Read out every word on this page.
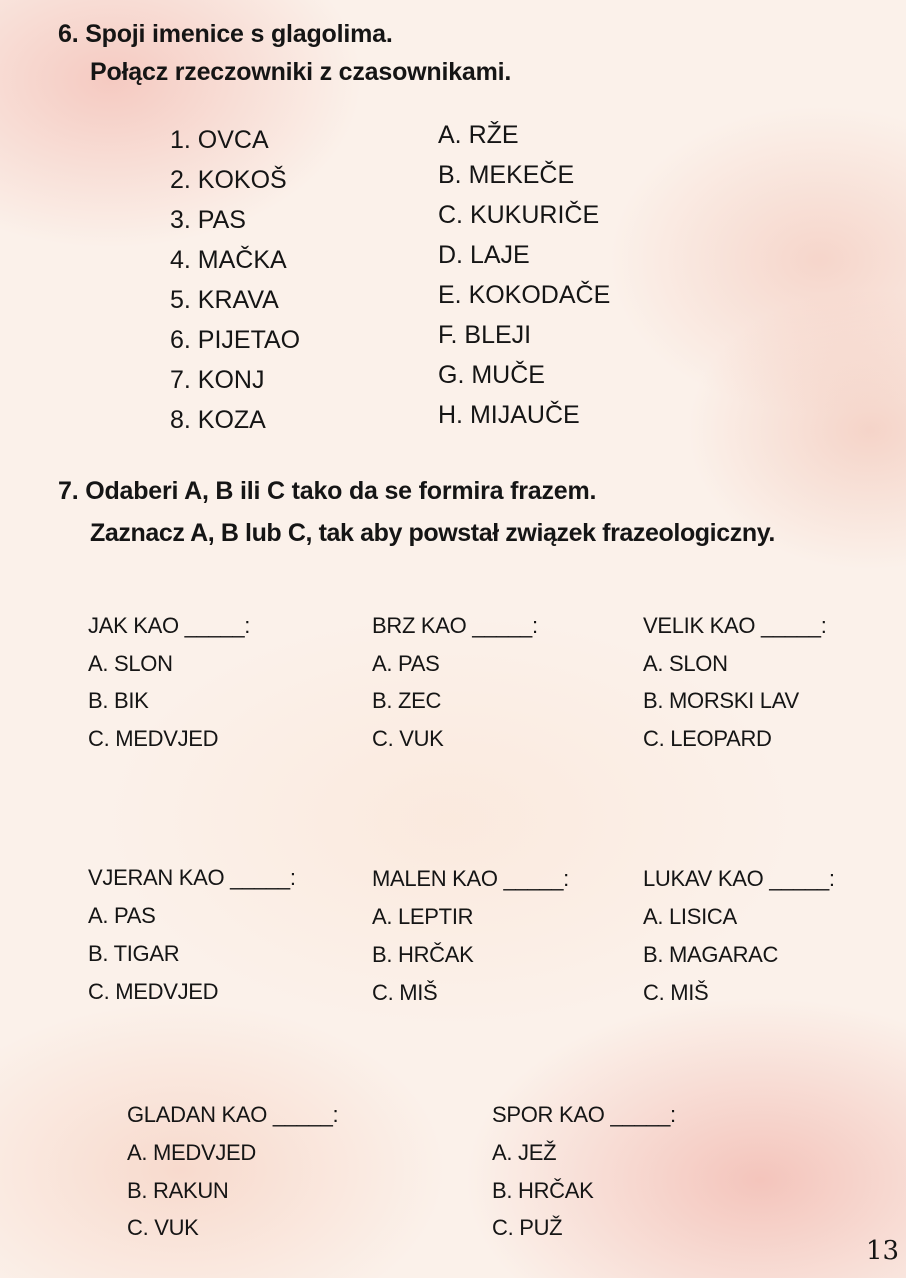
6. Spoji imenice s glagolima.
Połącz rzeczowniki z czasownikami.
1. OVCA
2. KOKOŠ
3. PAS
4. MAČKA
5. KRAVA
6. PIJETAO
7. KONJ
8. KOZA
A. RŽE
B. MEKEČE
C. KUKURIČE
D. LAJE
E. KOKODAČE
F. BLEJI
G. MUČE
H. MIJAUČE
7. Odaberi A, B ili C tako da se formira frazem.
Zaznacz A, B lub C, tak aby powstał związek frazeologiczny.
JAK KAO _____:
A. SLON
B. BIK
C. MEDVJED
BRZ KAO _____:
A. PAS
B. ZEC
C. VUK
VELIK KAO _____:
A. SLON
B. MORSKI LAV
C. LEOPARD
VJERAN KAO _____:
A. PAS
B. TIGAR
C. MEDVJED
MALEN KAO _____:
A. LEPTIR
B. HRČAK
C. MIŠ
LUKAV KAO _____:
A. LISICA
B. MAGARAC
C. MIŠ
GLADAN KAO _____:
A. MEDVJED
B. RAKUN
C. VUK
SPOR KAO _____:
A. JEŽ
B. HRČAK
C. PUŽ
13
